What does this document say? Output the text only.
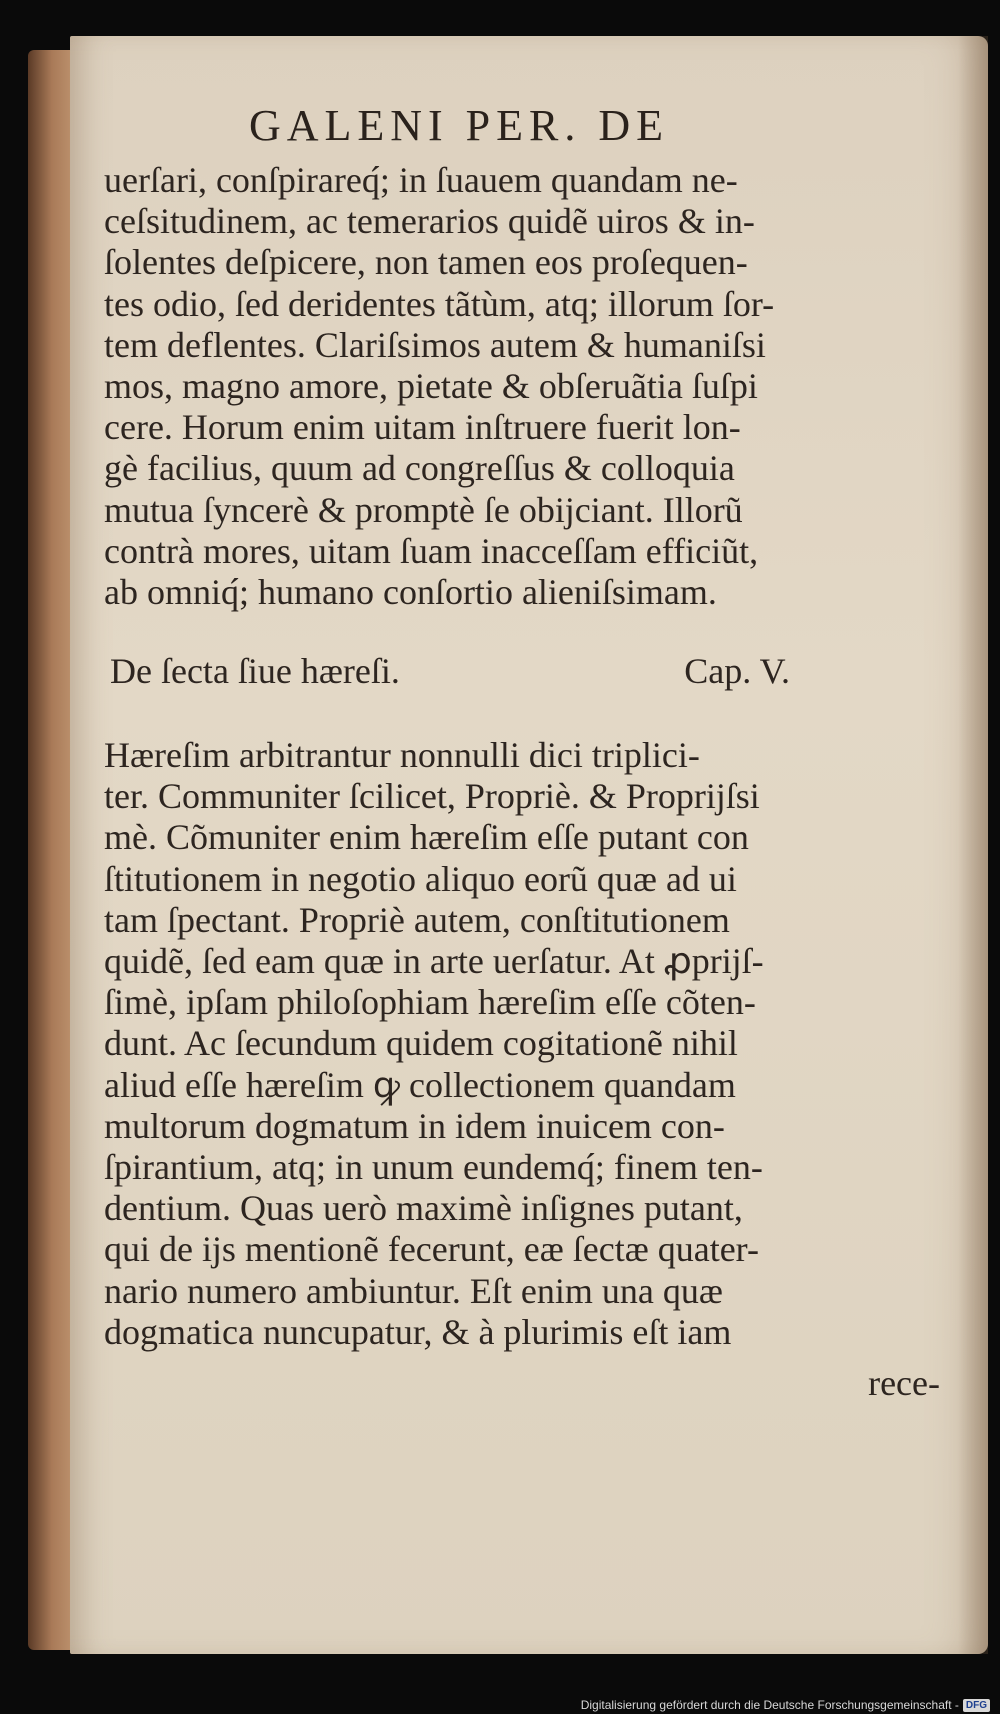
GALENI PER. DE
uerſari, conſpirareq́; in ſuauem quandam ne-
ceſsitudinem, ac temerarios quidẽ uiros & in-
ſolentes deſpicere, non tamen eos proſequen-
tes odio, ſed deridentes tãtùm, atq; illorum ſor-
tem deflentes. Clariſsimos autem & humaniſsi
mos, magno amore, pietate & obſeruãtia ſuſpi
cere. Horum enim uitam inſtruere fuerit lon-
gè facilius, quum ad congreſſus & colloquia
mutua ſyncerè & promptè ſe obĳciant. Illorũ
contrà mores, uitam ſuam inacceſſam efficiũt,
ab omniq́; humano conſortio alieniſsimam.
De ſecta ſiue hæreſi.	Cap. V.
Hæreſim arbitrantur nonnulli dici triplici-
ter. Communiter ſcilicet, Propriè. & Proprĳſsi
mè. Cõmuniter enim hæreſim eſſe putant con
ſtitutionem in negotio aliquo eorũ quæ ad ui
tam ſpectant. Propriè autem, conſtitutionem
quidẽ, ſed eam quæ in arte uerſatur. At ꝓprĳſ-
ſimè, ipſam philoſophiam hæreſim eſſe cõten-
dunt. Ac ſecundum quidem cogitationẽ nihil
aliud eſſe hæreſim ꝙ collectionem quandam
multorum dogmatum in idem inuicem con-
ſpirantium, atq; in unum eundemq́; finem ten-
dentium. Quas uerò maximè inſignes putant,
qui de ĳs mentionẽ fecerunt, eæ ſectæ quater-
nario numero ambiuntur. Eſt enim una quæ
dogmatica nuncupatur, & à plurimis eſt iam
rece-
Digitalisierung gefördert durch die Deutsche Forschungsgemeinschaft - DFG
